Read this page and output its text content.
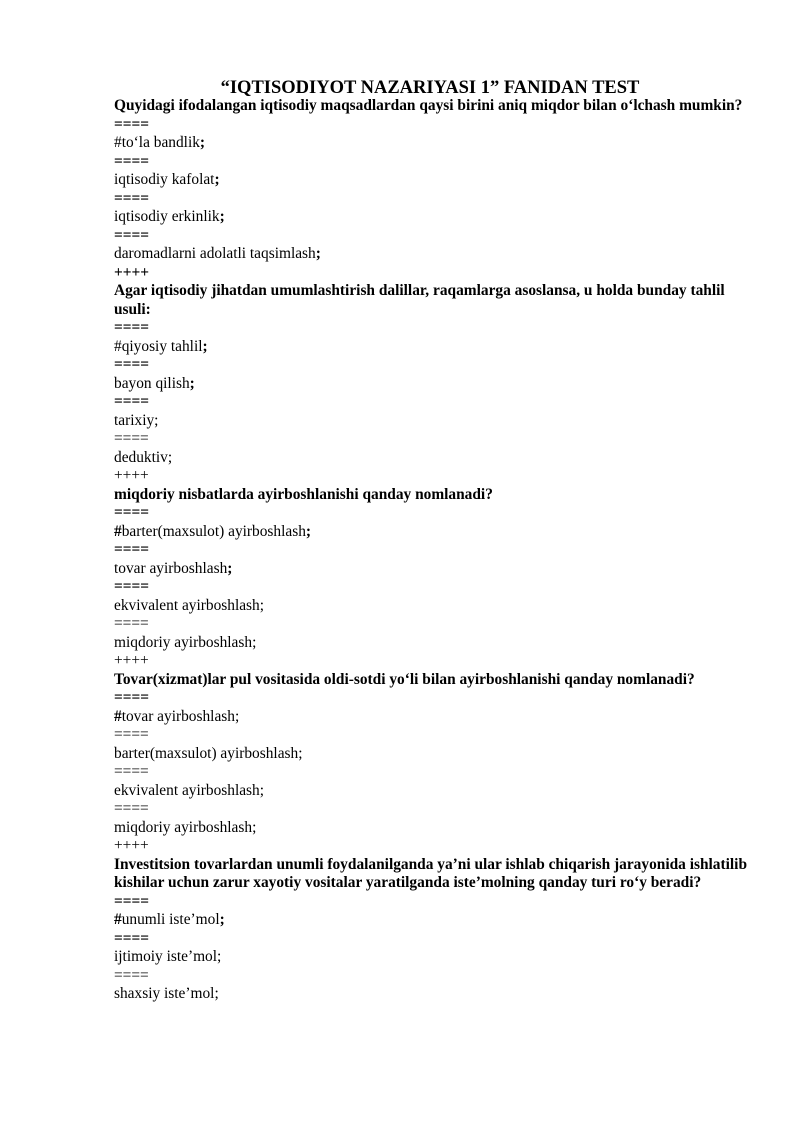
“IQTISODIYOT NAZARIYASI 1” FANIDAN TEST
Quyidagi ifodalangan iqtisodiy maqsadlardan qaysi birini aniq miqdor bilan o‘lchash mumkin?
====
#to‘la bandlik;
====
iqtisodiy kafolat;
====
iqtisodiy erkinlik;
====
daromadlarni adolatli taqsimlash;
++++
Agar iqtisodiy jihatdan umumlashtirish dalillar, raqamlarga asoslansa, u holda bunday tahlil usuli:
====
#qiyosiy tahlil;
====
bayon qilish;
====
tarixiy;
====
deduktiv;
++++
miqdoriy nisbatlarda ayirboshlanishi qanday nomlanadi?
====
#barter(maxsulot) ayirboshlash;
====
tovar ayirboshlash;
====
ekvivalent ayirboshlash;
====
miqdoriy ayirboshlash;
++++
Tovar(xizmat)lar pul vositasida oldi-sotdi yo‘li bilan ayirboshlanishi qanday nomlanadi?
====
#tovar ayirboshlash;
====
barter(maxsulot) ayirboshlash;
====
ekvivalent ayirboshlash;
====
miqdoriy ayirboshlash;
++++
Investitsion tovarlardan unumli foydalanilganda ya’ni ular ishlab chiqarish jarayonida ishlatilib kishilar uchun zarur xayotiy vositalar yaratilganda iste’molning qanday turi ro‘y beradi?
====
#unumli iste’mol;
====
ijtimoiy iste’mol;
====
shaxsiy iste’mol;
